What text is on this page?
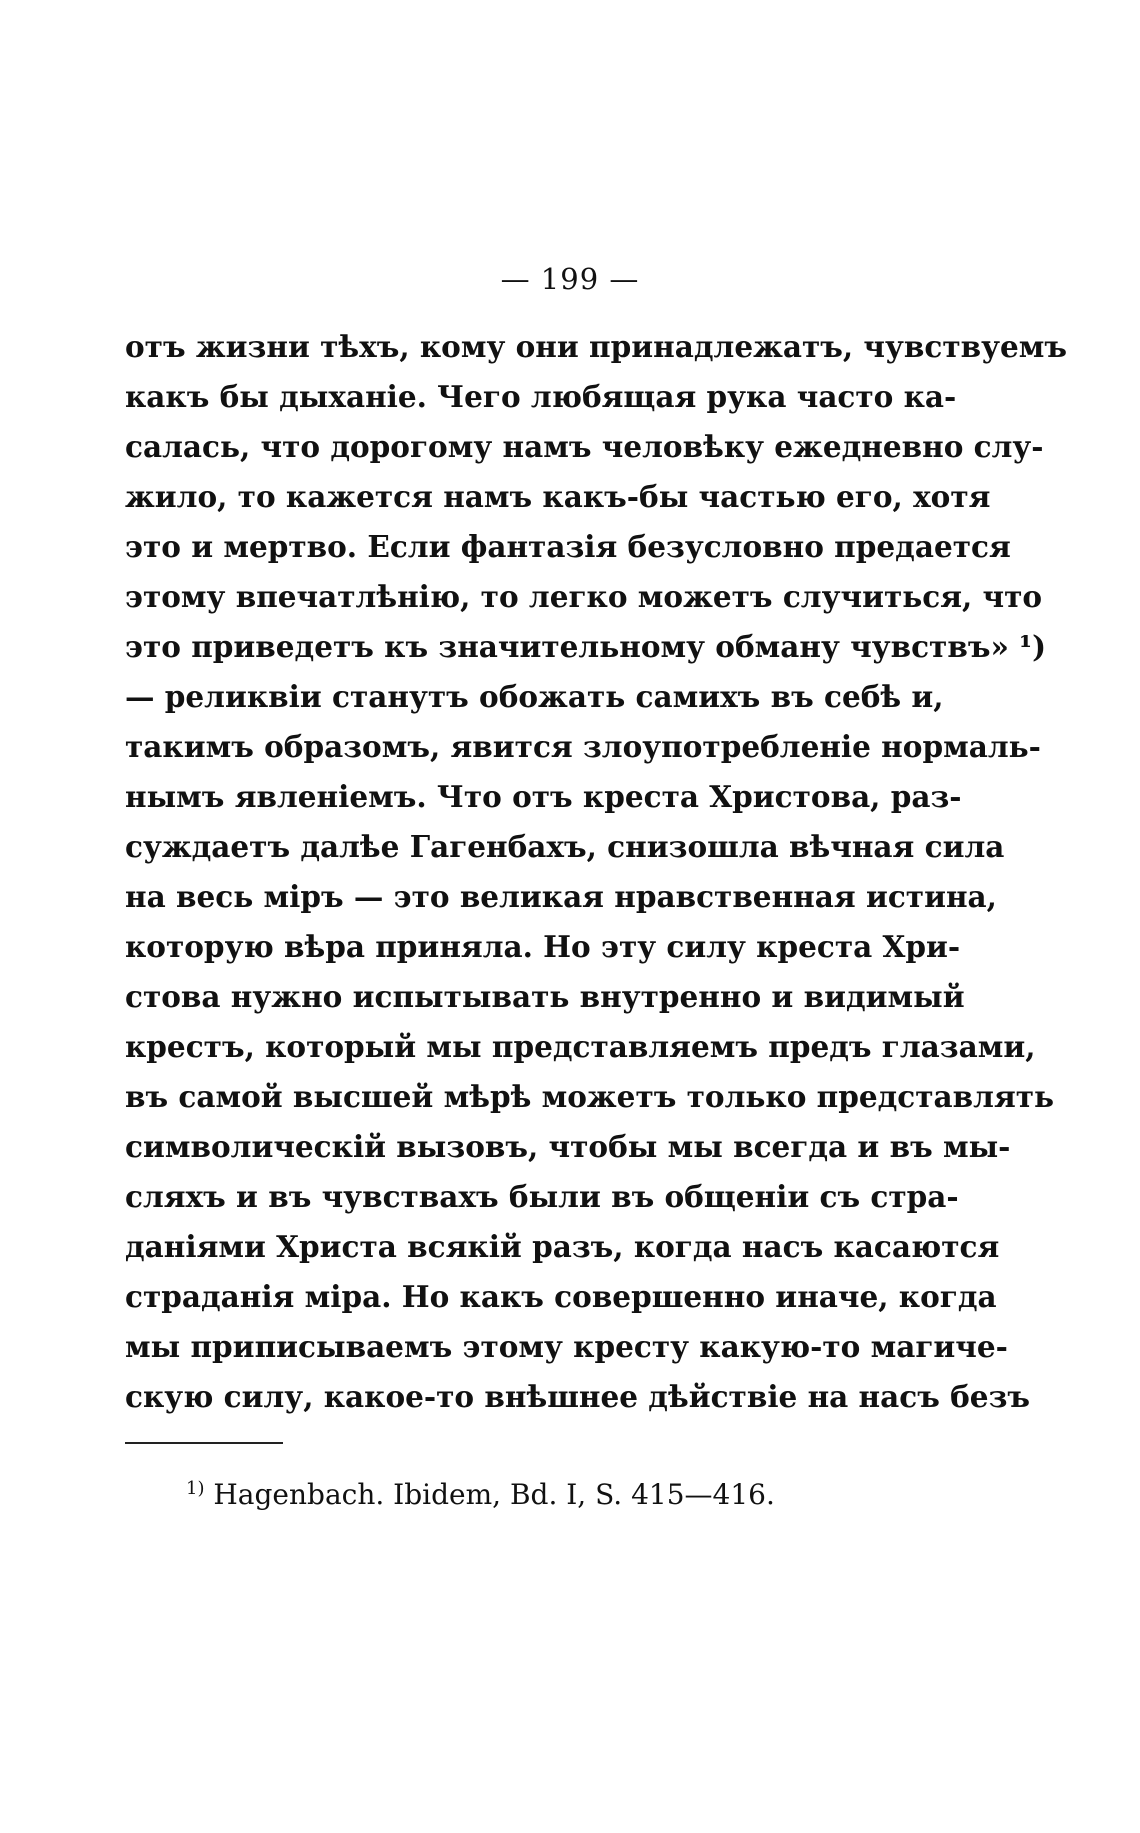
— 199 —
отъ жизни тѣхъ, кому они принадлежатъ, чувствуемъ
какъ бы дыханіе. Чего любящая рука часто ка-
салась, что дорогому намъ человѣку ежедневно слу-
жило, то кажется намъ какъ-бы частью его, хотя
это и мертво. Если фантазія безусловно предается
этому впечатлѣнію, то легко можетъ случиться, что
это приведетъ къ значительному обману чувствъ» ¹)
— реликвіи станутъ обожать самихъ въ себѣ и,
такимъ образомъ, явится злоупотребленіе нормаль-
нымъ явленіемъ. Что отъ креста Христова, раз-
суждаетъ далѣе Гагенбахъ, снизошла вѣчная сила
на весь міръ — это великая нравственная истина,
которую вѣра приняла. Но эту силу креста Хри-
стова нужно испытывать внутренно и видимый
крестъ, который мы представляемъ предъ глазами,
въ самой высшей мѣрѣ можетъ только представлять
символическій вызовъ, чтобы мы всегда и въ мы-
сляхъ и въ чувствахъ были въ общеніи съ стра-
даніями Христа всякій разъ, когда насъ касаются
страданія міра. Но какъ совершенно иначе, когда
мы приписываемъ этому кресту какую-то магиче-
скую силу, какое-то внѣшнее дѣйствіе на насъ безъ
$^{1)}$ Hagenbach. Ibidem, Bd. I, S. 415—416.
